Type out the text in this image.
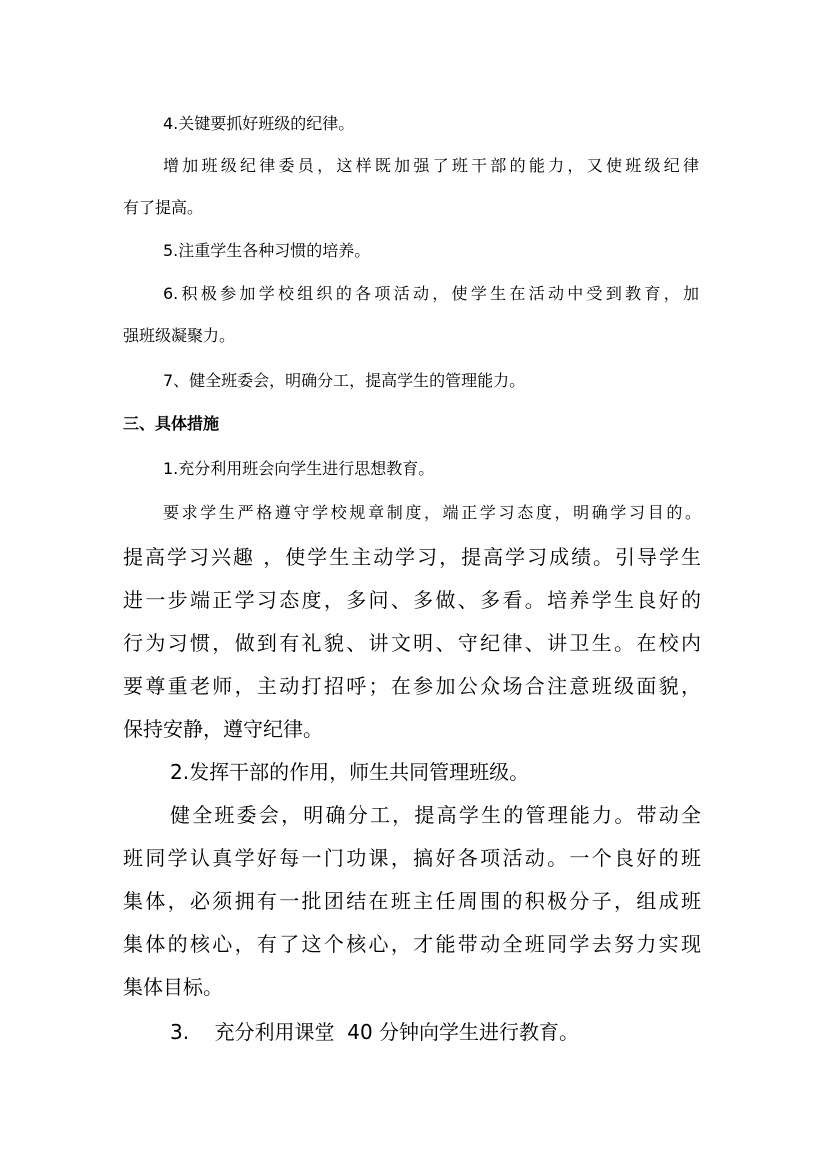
4.关键要抓好班级的纪律。
增加班级纪律委员，这样既加强了班干部的能力，又使班级纪律
有了提高。
5.注重学生各种习惯的培养。
6.积极参加学校组织的各项活动，使学生在活动中受到教育，加
强班级凝聚力。
7、健全班委会，明确分工，提高学生的管理能力。
三、具体措施
1.充分利用班会向学生进行思想教育。
要求学生严格遵守学校规章制度，端正学习态度，明确学习目的。
提高学习兴趣 ，使学生主动学习，提高学习成绩。引导学生
进一步端正学习态度，多问、多做、多看。培养学生良好的
行为习惯，做到有礼貌、讲文明、守纪律、讲卫生。在校内
要尊重老师，主动打招呼；在参加公众场合注意班级面貌，
保持安静，遵守纪律。
2.发挥干部的作用，师生共同管理班级。
健全班委会，明确分工，提高学生的管理能力。带动全
班同学认真学好每一门功课，搞好各项活动。一个良好的班
集体，必须拥有一批团结在班主任周围的积极分子，组成班
集体的核心，有了这个核心，才能带动全班同学去努力实现
集体目标。
3.    充分利用课堂  40 分钟向学生进行教育。
